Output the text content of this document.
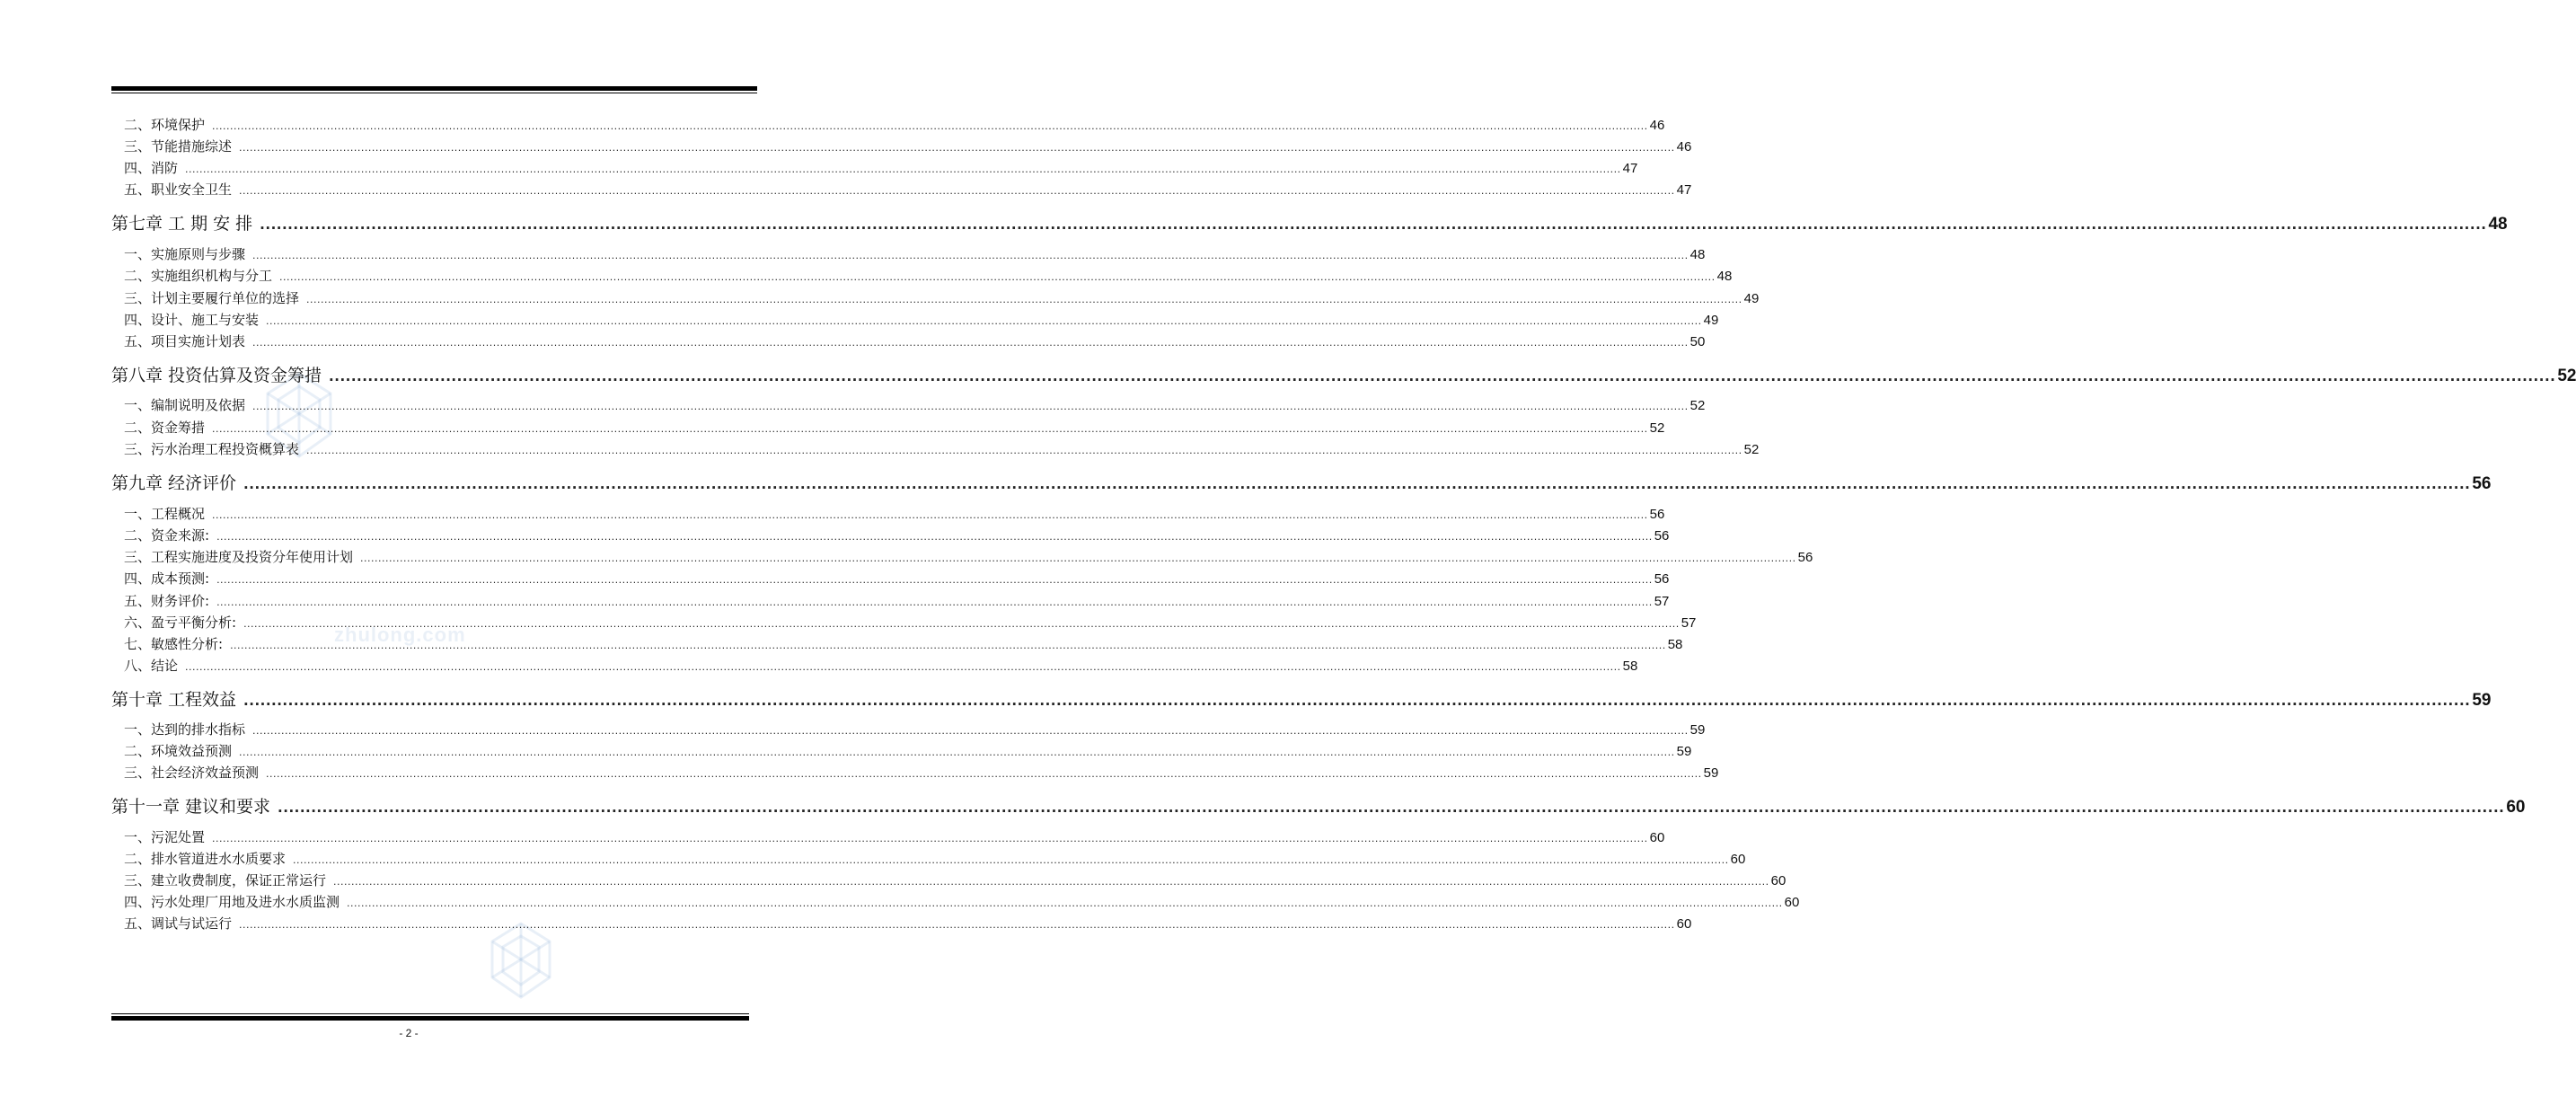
zhulong.com
二、环境保护 ................................................................................................................................................................................................................................................................................................................................................................................................................ 46
三、节能措施综述 ................................................................................................................................................................................................................................................................................................................................................................................................................ 46
四、消防 ................................................................................................................................................................................................................................................................................................................................................................................................................ 47
五、职业安全卫生 ................................................................................................................................................................................................................................................................................................................................................................................................................ 47
第七章 工 期 安 排 ................................................................................................................................................................................................................................................................................................................................................................................................................ 48
一、实施原则与步骤 ................................................................................................................................................................................................................................................................................................................................................................................................................ 48
二、实施组织机构与分工 ................................................................................................................................................................................................................................................................................................................................................................................................................ 48
三、计划主要履行单位的选择 ................................................................................................................................................................................................................................................................................................................................................................................................................ 49
四、设计、施工与安装 ................................................................................................................................................................................................................................................................................................................................................................................................................ 49
五、项目实施计划表 ................................................................................................................................................................................................................................................................................................................................................................................................................ 50
第八章 投资估算及资金筹措 ................................................................................................................................................................................................................................................................................................................................................................................................................ 52
一、编制说明及依据 ................................................................................................................................................................................................................................................................................................................................................................................................................ 52
二、资金筹措 ................................................................................................................................................................................................................................................................................................................................................................................................................ 52
三、污水治理工程投资概算表 ................................................................................................................................................................................................................................................................................................................................................................................................................ 52
第九章 经济评价 ................................................................................................................................................................................................................................................................................................................................................................................................................ 56
一、工程概况 ................................................................................................................................................................................................................................................................................................................................................................................................................ 56
二、资金来源: ................................................................................................................................................................................................................................................................................................................................................................................................................ 56
三、工程实施进度及投资分年使用计划 ................................................................................................................................................................................................................................................................................................................................................................................................................ 56
四、成本预测: ................................................................................................................................................................................................................................................................................................................................................................................................................ 56
五、财务评价: ................................................................................................................................................................................................................................................................................................................................................................................................................ 57
六、盈亏平衡分析: ................................................................................................................................................................................................................................................................................................................................................................................................................ 57
七、敏感性分析: ................................................................................................................................................................................................................................................................................................................................................................................................................ 58
八、结论 ................................................................................................................................................................................................................................................................................................................................................................................................................ 58
第十章 工程效益 ................................................................................................................................................................................................................................................................................................................................................................................................................ 59
一、达到的排水指标 ................................................................................................................................................................................................................................................................................................................................................................................................................ 59
二、环境效益预测 ................................................................................................................................................................................................................................................................................................................................................................................................................ 59
三、社会经济效益预测 ................................................................................................................................................................................................................................................................................................................................................................................................................ 59
第十一章 建议和要求 ................................................................................................................................................................................................................................................................................................................................................................................................................ 60
一、污泥处置 ................................................................................................................................................................................................................................................................................................................................................................................................................ 60
二、排水管道进水水质要求 ................................................................................................................................................................................................................................................................................................................................................................................................................ 60
三、建立收费制度，保证正常运行 ................................................................................................................................................................................................................................................................................................................................................................................................................ 60
四、污水处理厂用地及进水水质监测 ................................................................................................................................................................................................................................................................................................................................................................................................................ 60
五、调试与试运行 ................................................................................................................................................................................................................................................................................................................................................................................................................ 60
- 2 -
